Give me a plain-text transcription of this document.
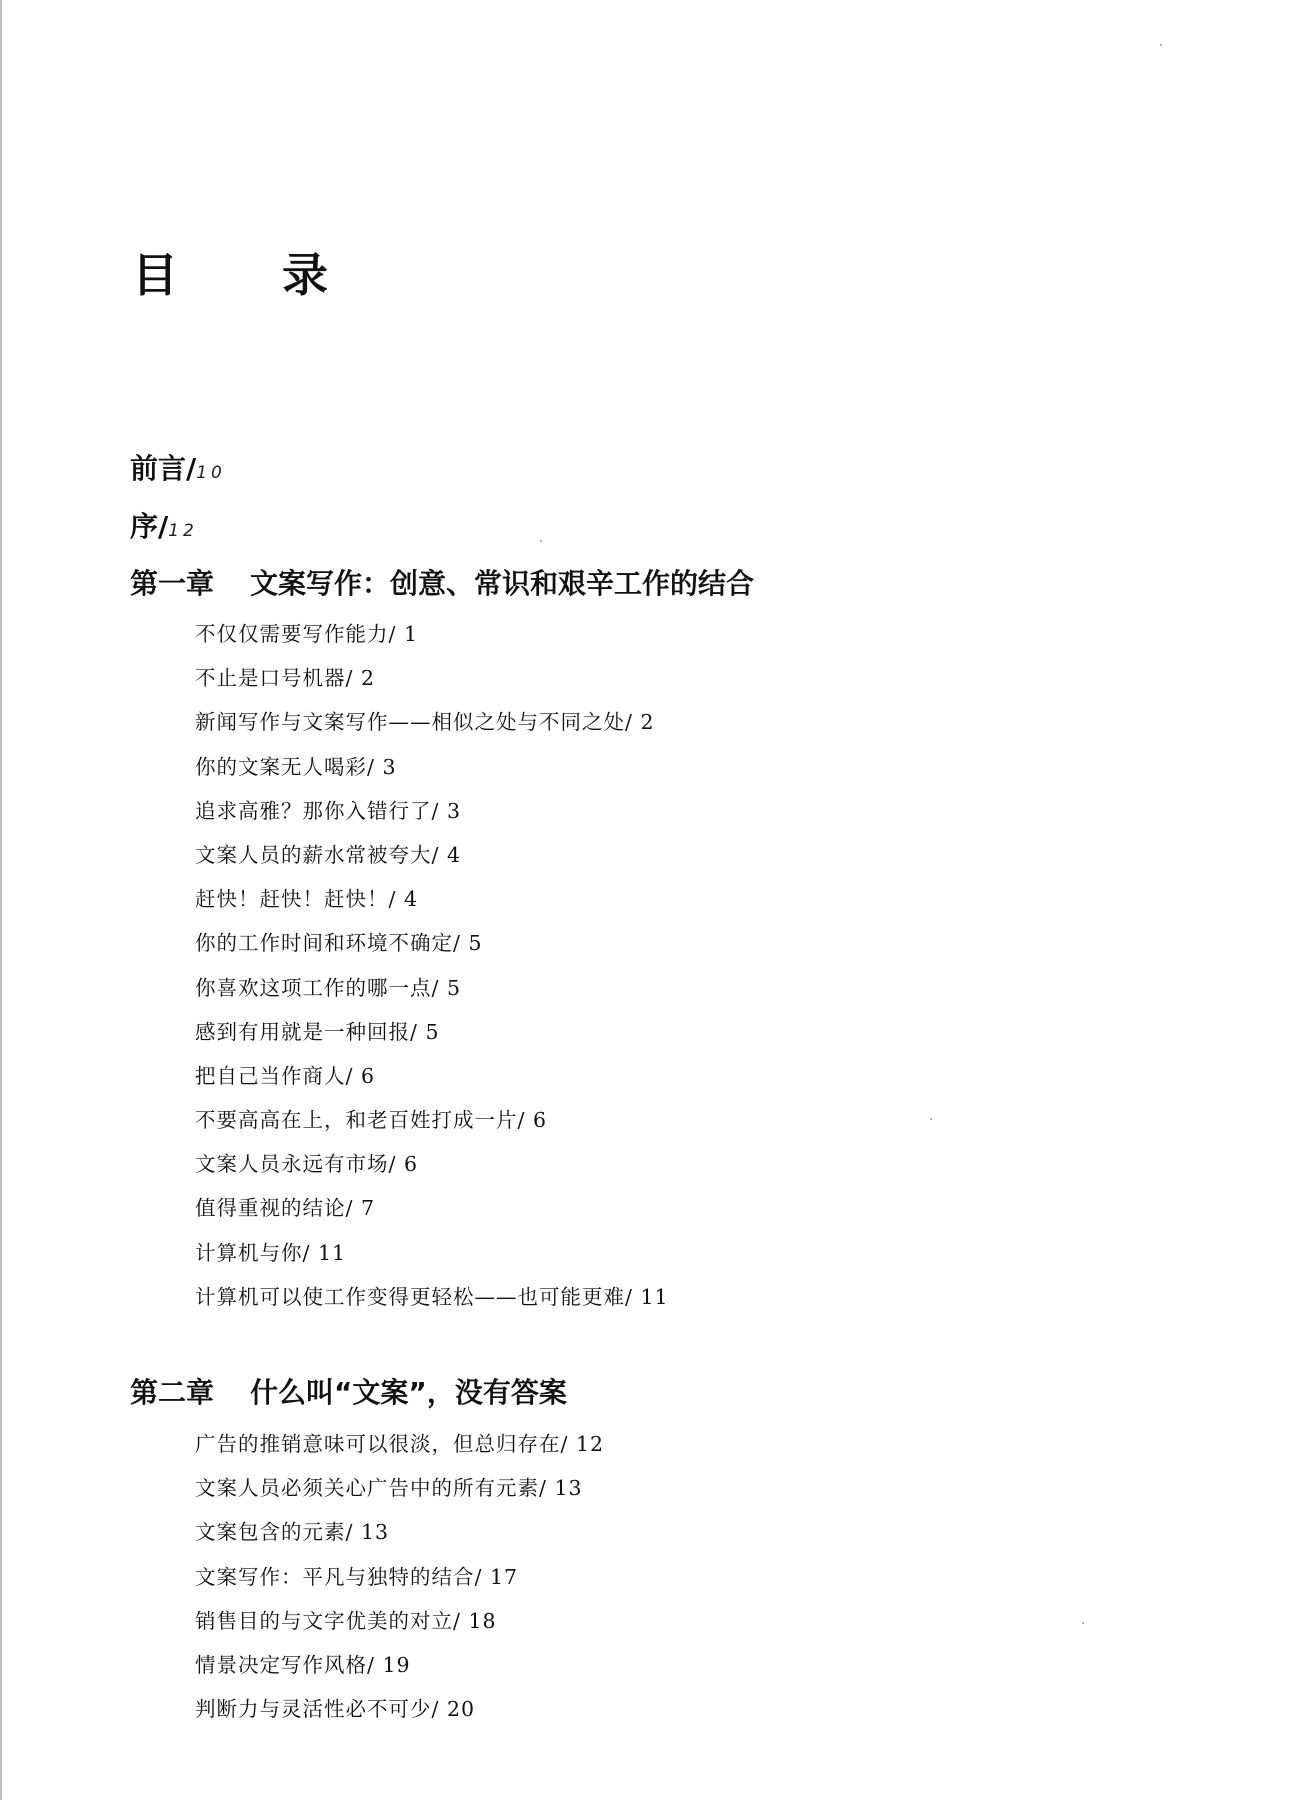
目 录
前言/10
序/12
第一章 文案写作：创意、常识和艰辛工作的结合
不仅仅需要写作能力/ 1
不止是口号机器/ 2
新闻写作与文案写作——相似之处与不同之处/ 2
你的文案无人喝彩/ 3
追求高雅？那你入错行了/ 3
文案人员的薪水常被夸大/ 4
赶快！赶快！赶快！/ 4
你的工作时间和环境不确定/ 5
你喜欢这项工作的哪一点/ 5
感到有用就是一种回报/ 5
把自己当作商人/ 6
不要高高在上，和老百姓打成一片/ 6
文案人员永远有市场/ 6
值得重视的结论/ 7
计算机与你/ 11
计算机可以使工作变得更轻松——也可能更难/ 11
第二章 什么叫“文案”，没有答案
广告的推销意味可以很淡，但总归存在/ 12
文案人员必须关心广告中的所有元素/ 13
文案包含的元素/ 13
文案写作：平凡与独特的结合/ 17
销售目的与文字优美的对立/ 18
情景决定写作风格/ 19
判断力与灵活性必不可少/ 20
